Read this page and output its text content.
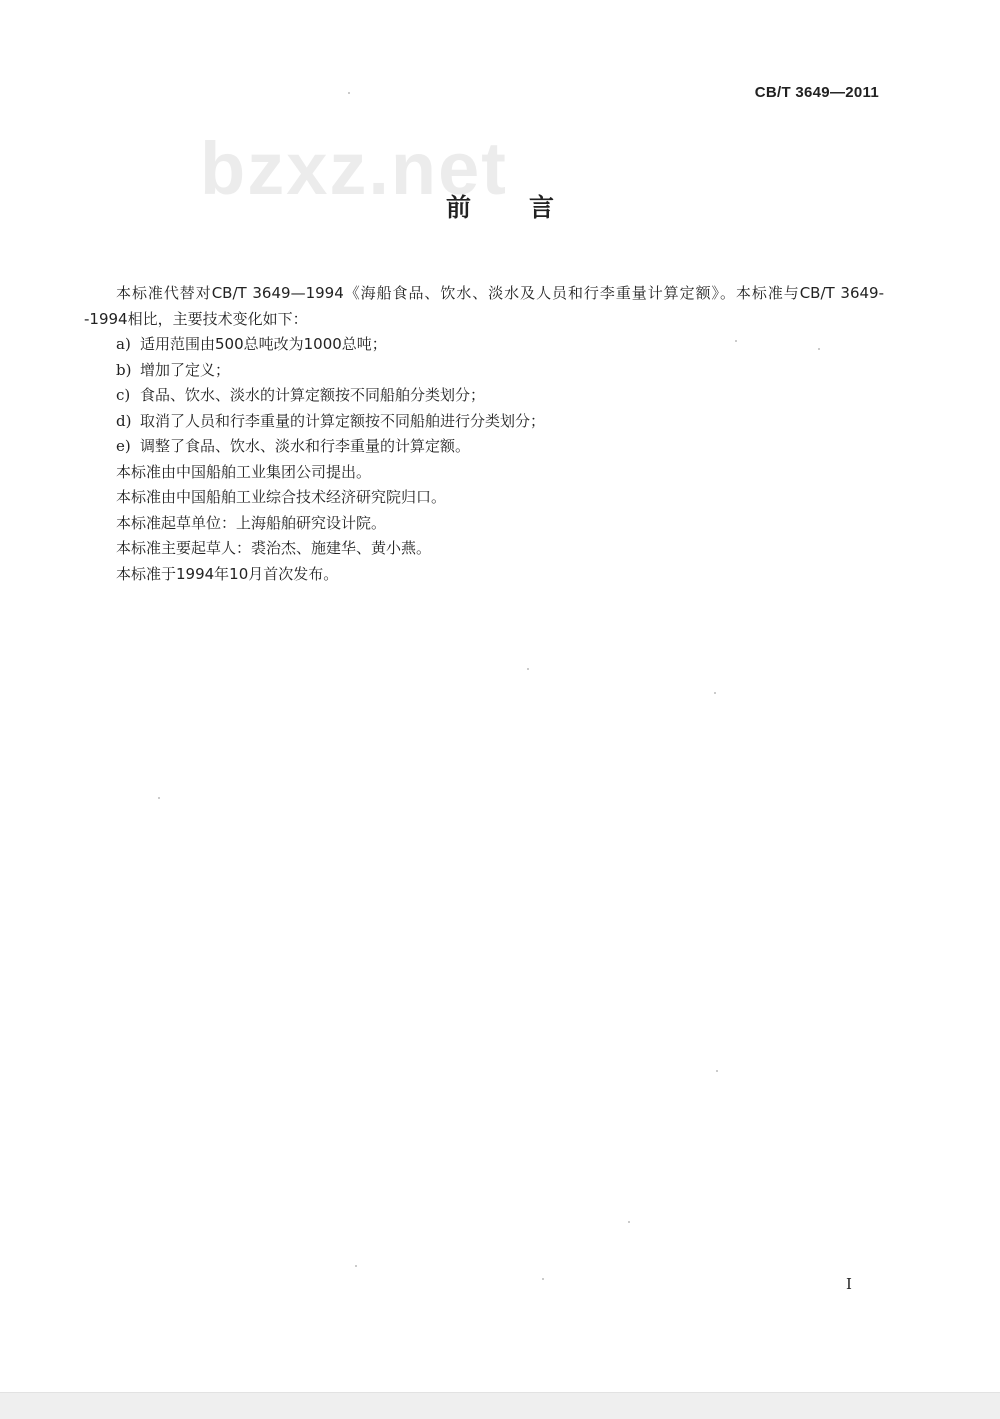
CB/T 3649—2011
bzxz.net
前言

本标准代替对CB/T 3649—1994《海船食品、饮水、淡水及人员和行李重量计算定额》。本标准与CB/T 3649--1994相比，主要技术变化如下：

a) 适用范围由500总吨改为1000总吨；
b) 增加了定义；
c) 食品、饮水、淡水的计算定额按不同船舶分类划分；
d) 取消了人员和行李重量的计算定额按不同船舶进行分类划分；
e) 调整了食品、饮水、淡水和行李重量的计算定额。

本标准由中国船舶工业集团公司提出。

本标准由中国船舶工业综合技术经济研究院归口。

本标准起草单位：上海船舶研究设计院。

本标准主要起草人：裘治杰、施建华、黄小燕。

本标准于1994年10月首次发布。

I
